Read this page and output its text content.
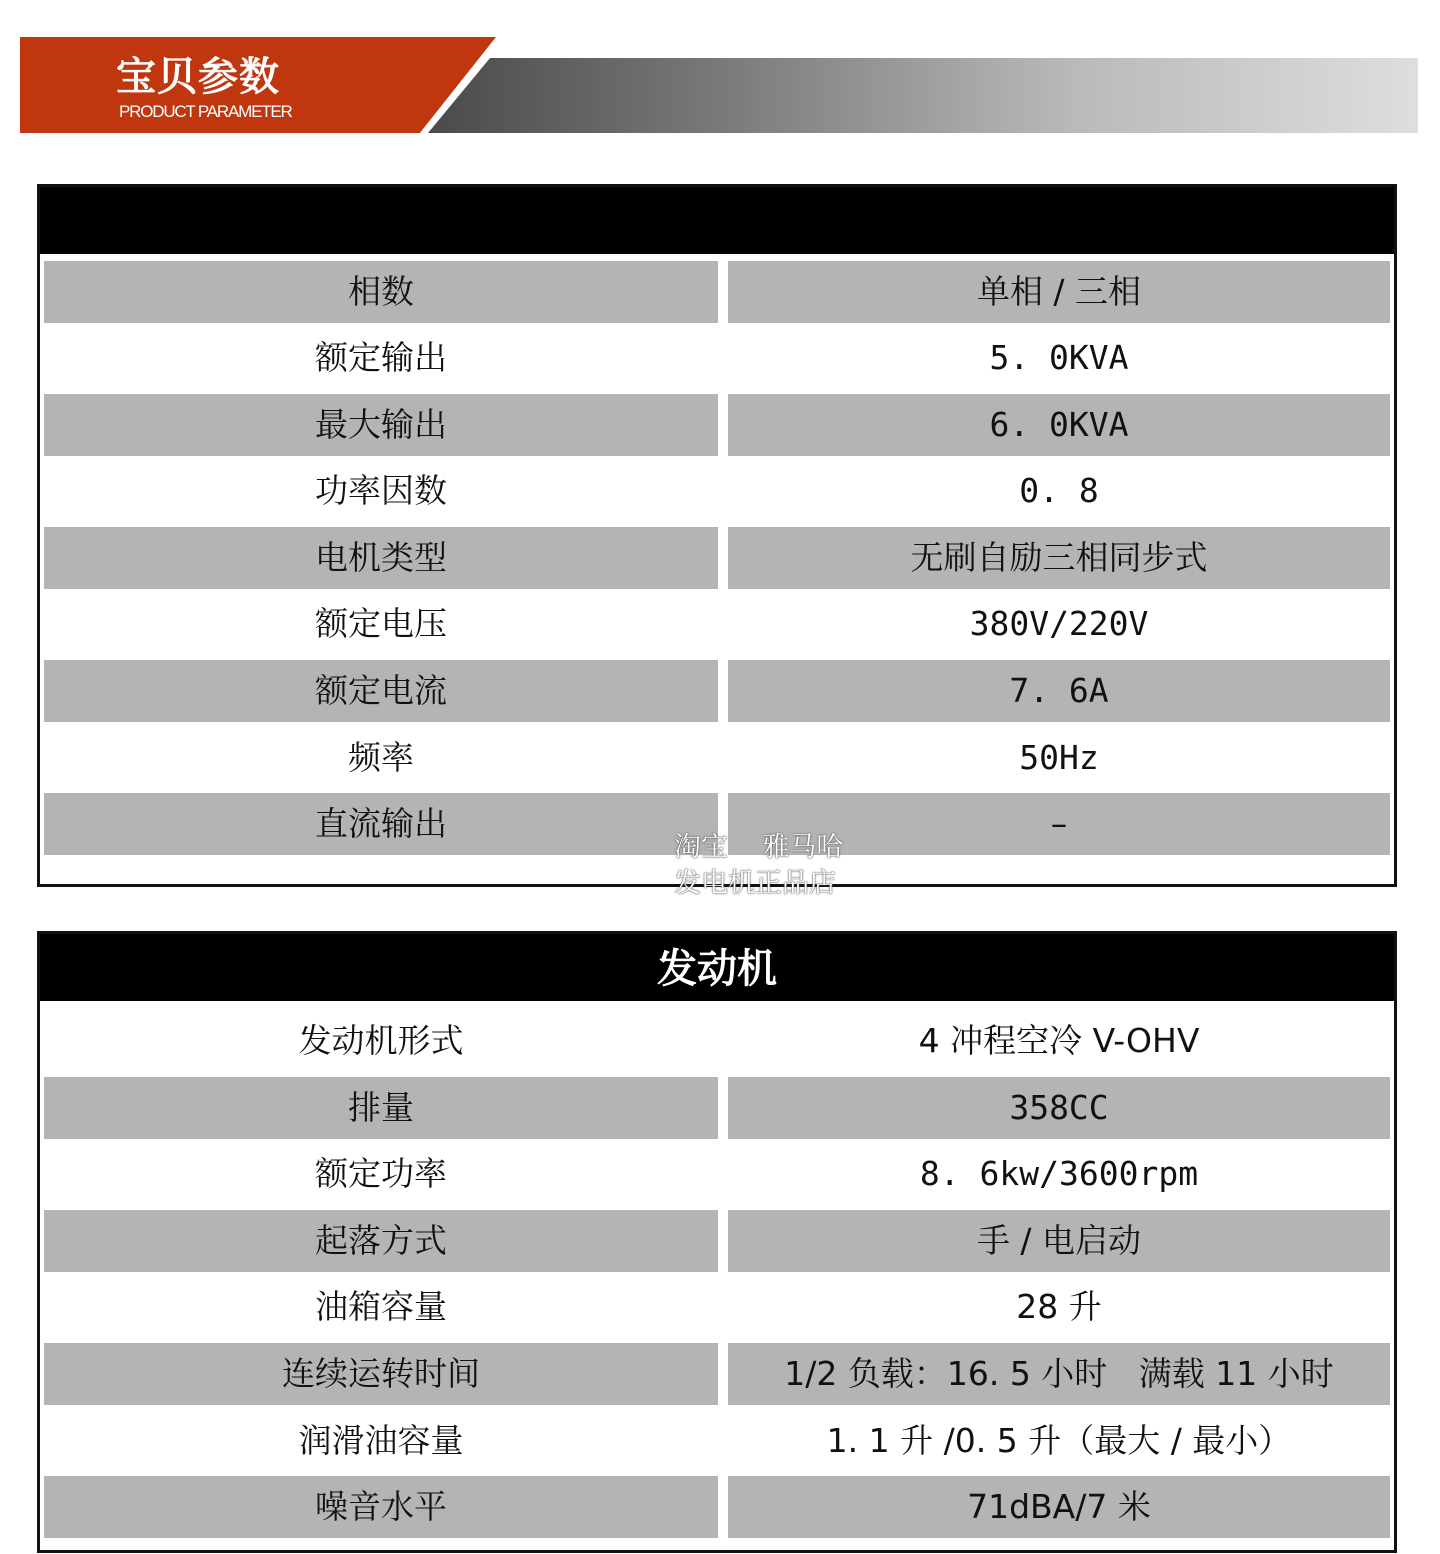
宝贝参数
PRODUCT PARAMETER
相数	单相 / 三相
额定输出	5. 0KVA
最大输出	6. 0KVA
功率因数	0. 8
电机类型	无刷自励三相同步式
额定电压	380V/220V
额定电流	7. 6A
频率	50Hz
直流输出	–
发动机
发动机形式	4 冲程空冷 V-OHV
排量	358CC
额定功率	8. 6kw/3600rpm
起落方式	手 / 电启动
油箱容量	28 升
连续运转时间	1/2 负载：16. 5 小时   满载 11 小时
润滑油容量	1. 1 升 /0. 5 升（最大 / 最小）
噪音水平	71dBA/7 米
淘宝    雅马哈
发电机正品店
